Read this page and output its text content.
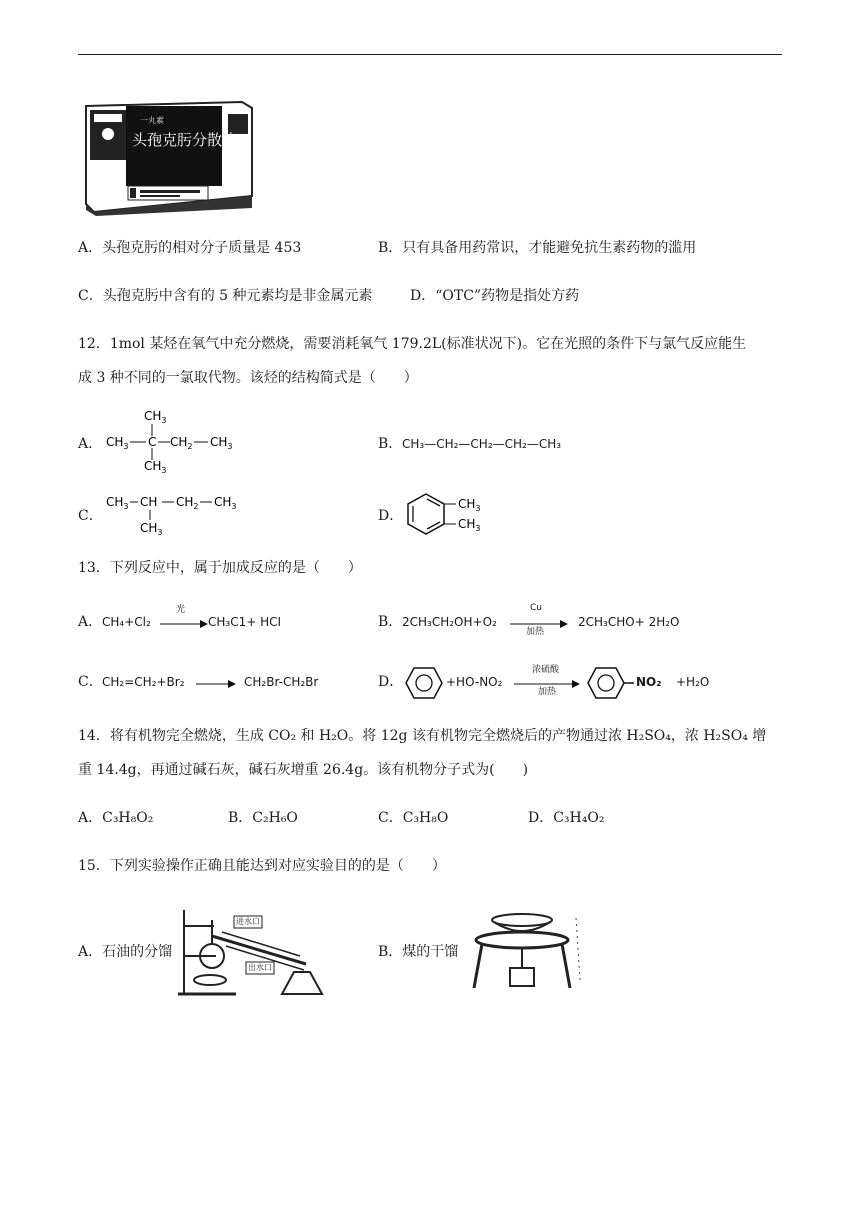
一丸素
头孢克肟分散片
A．头孢克肟的相对分子质量是 453	B．只有具备用药常识，才能避免抗生素药物的滥用
C．头孢克肟中含有的 5 种元素均是非金属元素	D．“OTC”药物是指处方药
12．1mol 某烃在氧气中充分燃烧，需要消耗氧气 179.2L(标准状况下)。它在光照的条件下与氯气反应能生
成 3 种不同的一氯取代物。该烃的结构简式是（　　）
A．
$CH_3$
$CH_3$ C $CH_2$ $CH_3$
$CH_3$
B． CH₃—CH₂—CH₂—CH₂—CH₃
C．
$CH_3$ CH $CH_2$ $CH_3$
$CH_3$
D．
$CH_3$
$CH_3$
13．下列反应中，属于加成反应的是（　　）
A． CH₄+Cl₂
光
CH₃C1+ HCI	B． 2CH₃CH₂OH+O₂
Cu
加热
2CH₃CHO+ 2H₂O
C． CH₂=CH₂+Br₂	CH₂Br-CH₂Br	D．	+HO-NO₂
浓硫酸
加热
NO₂ +H₂O
14．将有机物完全燃烧，生成 CO₂ 和 H₂O。将 12g 该有机物完全燃烧后的产物通过浓 H₂SO₄，浓 H₂SO₄ 增
重 14.4g，再通过碱石灰，碱石灰增重 26.4g。该有机物分子式为(　　)
A．C₃H₈O₂	B．C₂H₆O	C．C₃H₈O	D．C₃H₄O₂
15．下列实验操作正确且能达到对应实验目的的是（　　）
A．石油的分馏
进水口
出水口
B．煤的干馏
